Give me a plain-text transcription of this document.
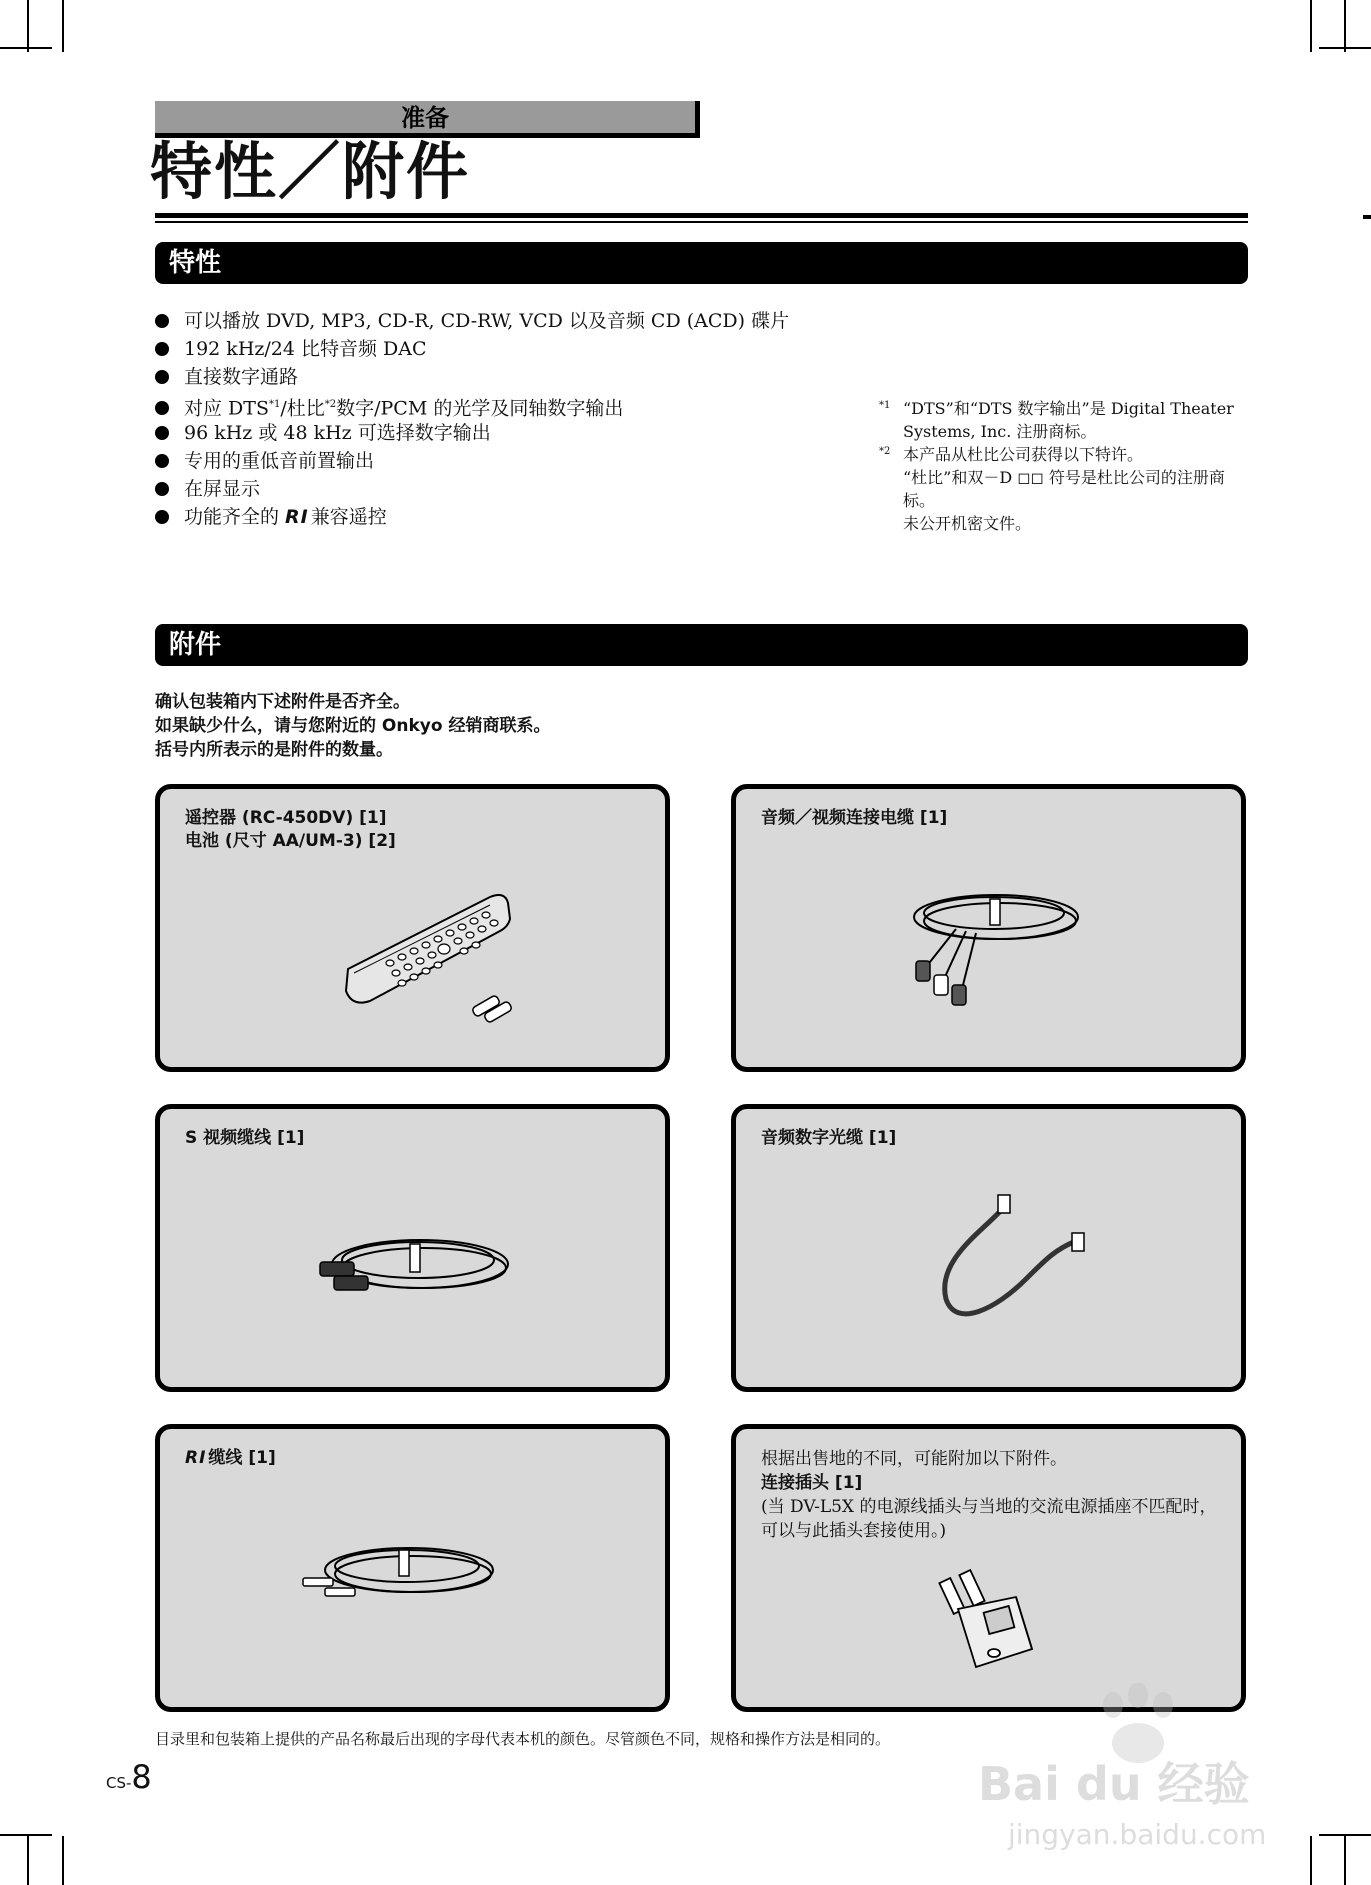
准备
特性／附件
特性
可以播放 DVD, MP3, CD-R, CD-RW, VCD 以及音频 CD (ACD) 碟片
192 kHz/24 比特音频 DAC
直接数字通路
对应 DTS$^{*1}$/杜比$^{*2}$数字/PCM 的光学及同轴数字输出
96 kHz 或 48 kHz 可选择数字输出
专用的重低音前置输出
在屏显示
功能齐全的 RI 兼容遥控
*1 “DTS”和“DTS 数字输出”是 Digital Theater Systems, Inc. 注册商标。
*2 本产品从杜比公司获得以下特许。
“杜比”和双－D ◻◻ 符号是杜比公司的注册商标。
未公开机密文件。
附件
确认包装箱内下述附件是否齐全。
如果缺少什么，请与您附近的 Onkyo 经销商联系。
括号内所表示的是附件的数量。
遥控器 (RC-450DV) [1]
电池 (尺寸 AA/UM-3) [2]
音频／视频连接电缆 [1]
S 视频缆线 [1]	音频数字光缆 [1]
RI 缆线 [1]	根据出售地的不同，可能附加以下附件。
连接插头 [1]
(当 DV-L5X 的电源线插头与当地的交流电源插座不匹配时，可以与此插头套接使用。)
目录里和包装箱上提供的产品名称最后出现的字母代表本机的颜色。尽管颜色不同，规格和操作方法是相同的。
CS-8	Bai du 经验
jingyan.baidu.com
